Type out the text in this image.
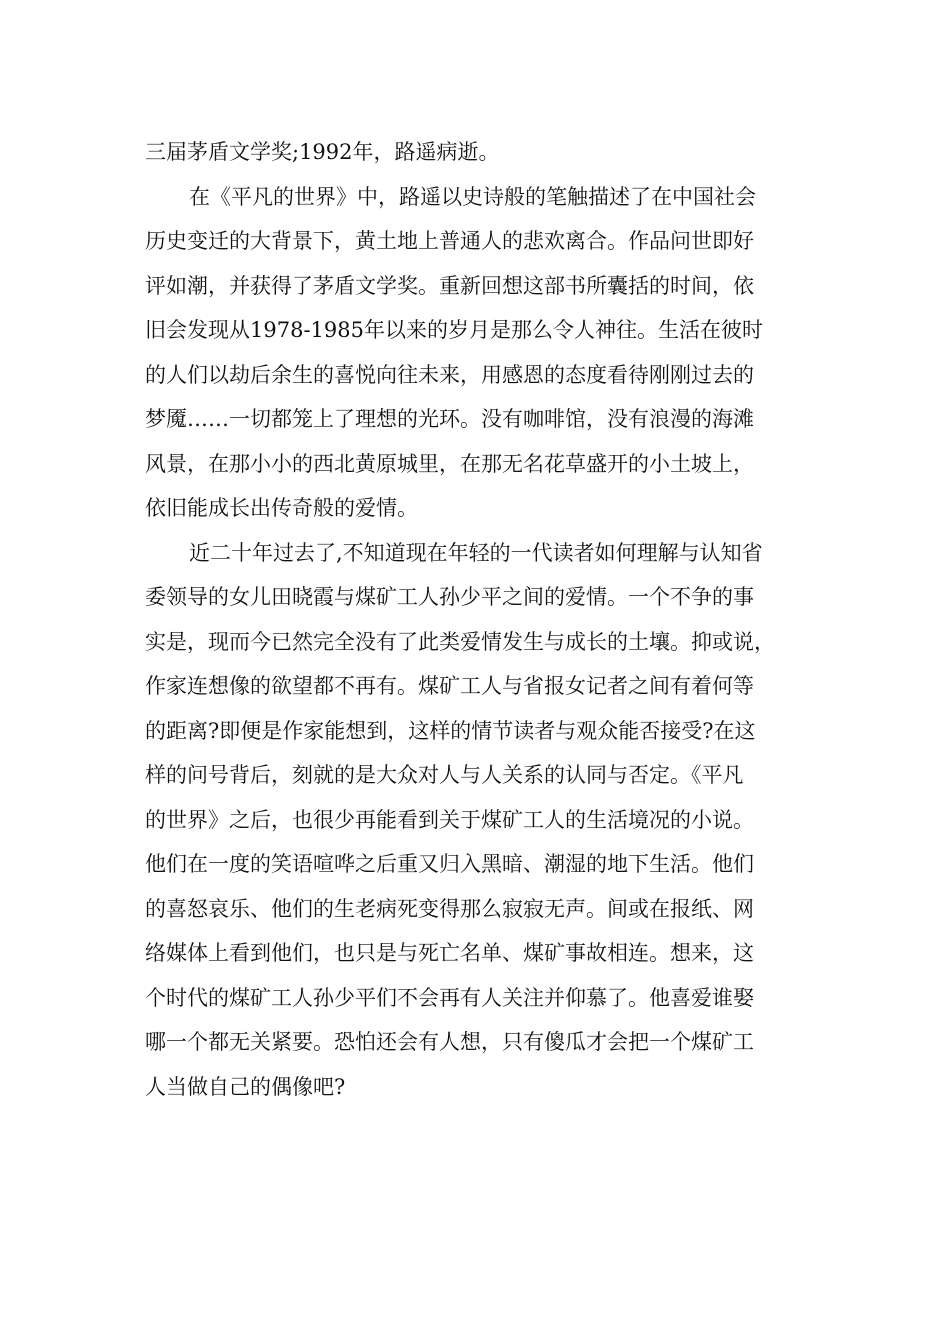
三届茅盾文学奖;1992年，路遥病逝。
在《平凡的世界》中，路遥以史诗般的笔触描述了在中国社会
历史变迁的大背景下，黄土地上普通人的悲欢离合。作品问世即好
评如潮，并获得了茅盾文学奖。重新回想这部书所囊括的时间，依
旧会发现从1978-1985年以来的岁月是那么令人神往。生活在彼时
的人们以劫后余生的喜悦向往未来，用感恩的态度看待刚刚过去的
梦魇……一切都笼上了理想的光环。没有咖啡馆，没有浪漫的海滩
风景，在那小小的西北黄原城里，在那无名花草盛开的小土坡上，
依旧能成长出传奇般的爱情。
近二十年过去了,不知道现在年轻的一代读者如何理解与认知省
委领导的女儿田晓霞与煤矿工人孙少平之间的爱情。一个不争的事
实是，现而今已然完全没有了此类爱情发生与成长的土壤。抑或说，
作家连想像的欲望都不再有。煤矿工人与省报女记者之间有着何等
的距离?即便是作家能想到，这样的情节读者与观众能否接受?在这
样的问号背后，刻就的是大众对人与人关系的认同与否定。《平凡
的世界》之后，也很少再能看到关于煤矿工人的生活境况的小说。
他们在一度的笑语喧哗之后重又归入黑暗、潮湿的地下生活。他们
的喜怒哀乐、他们的生老病死变得那么寂寂无声。间或在报纸、网
络媒体上看到他们，也只是与死亡名单、煤矿事故相连。想来，这
个时代的煤矿工人孙少平们不会再有人关注并仰慕了。他喜爱谁娶
哪一个都无关紧要。恐怕还会有人想，只有傻瓜才会把一个煤矿工
人当做自己的偶像吧?
